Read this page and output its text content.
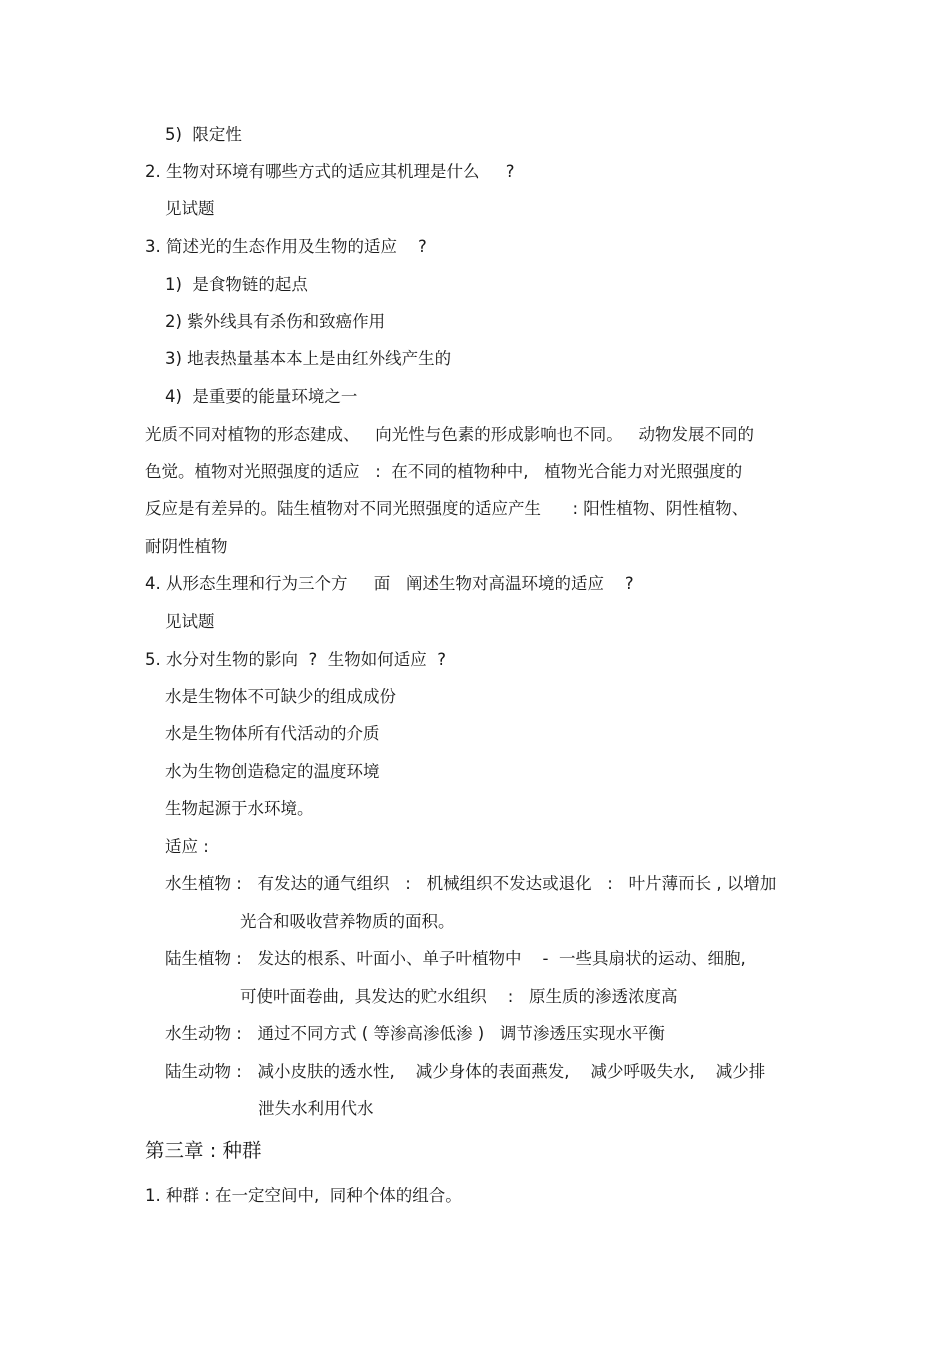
5)  限定性

2. 生物对环境有哪些方式的适应其机理是什么     ?

见试题

3. 简述光的生态作用及生物的适应    ?

1)  是食物链的起点

2) 紫外线具有杀伤和致癌作用

3) 地表热量基本本上是由红外线产生的

4)  是重要的能量环境之一

光质不同对植物的形态建成、   向光性与色素的形成影响也不同。   动物发展不同的

色觉。植物对光照强度的适应   :  在不同的植物种中,   植物光合能力对光照强度的

反应是有差异的。陆生植物对不同光照强度的适应产生      : 阳性植物、阴性植物、

耐阴性植物

4. 从形态生理和行为三个方     面   阐述生物对高温环境的适应    ?

见试题

5. 水分对生物的影向  ?  生物如何适应  ?

水是生物体不可缺少的组成成份

水是生物体所有代活动的介质

水为生物创造稳定的温度环境

生物起源于水环境。

适应 :

水生植物 :   有发达的通气组织   :   机械组织不发达或退化   :   叶片薄而长 , 以增加

光合和吸收营养物质的面积。

陆生植物 :   发达的根系、叶面小、单子叶植物中    -  一些具扇状的运动、细胞,

可使叶面卷曲,  具发达的贮水组织    :   原生质的渗透浓度高

水生动物 :   通过不同方式 ( 等渗高渗低渗 )   调节渗透压实现水平衡

陆生动物 :   减小皮肤的透水性,    减少身体的表面燕发,    减少呼吸失水,    减少排

泄失水利用代水

第三章 : 种群

1. 种群 : 在一定空间中,  同种个体的组合。
